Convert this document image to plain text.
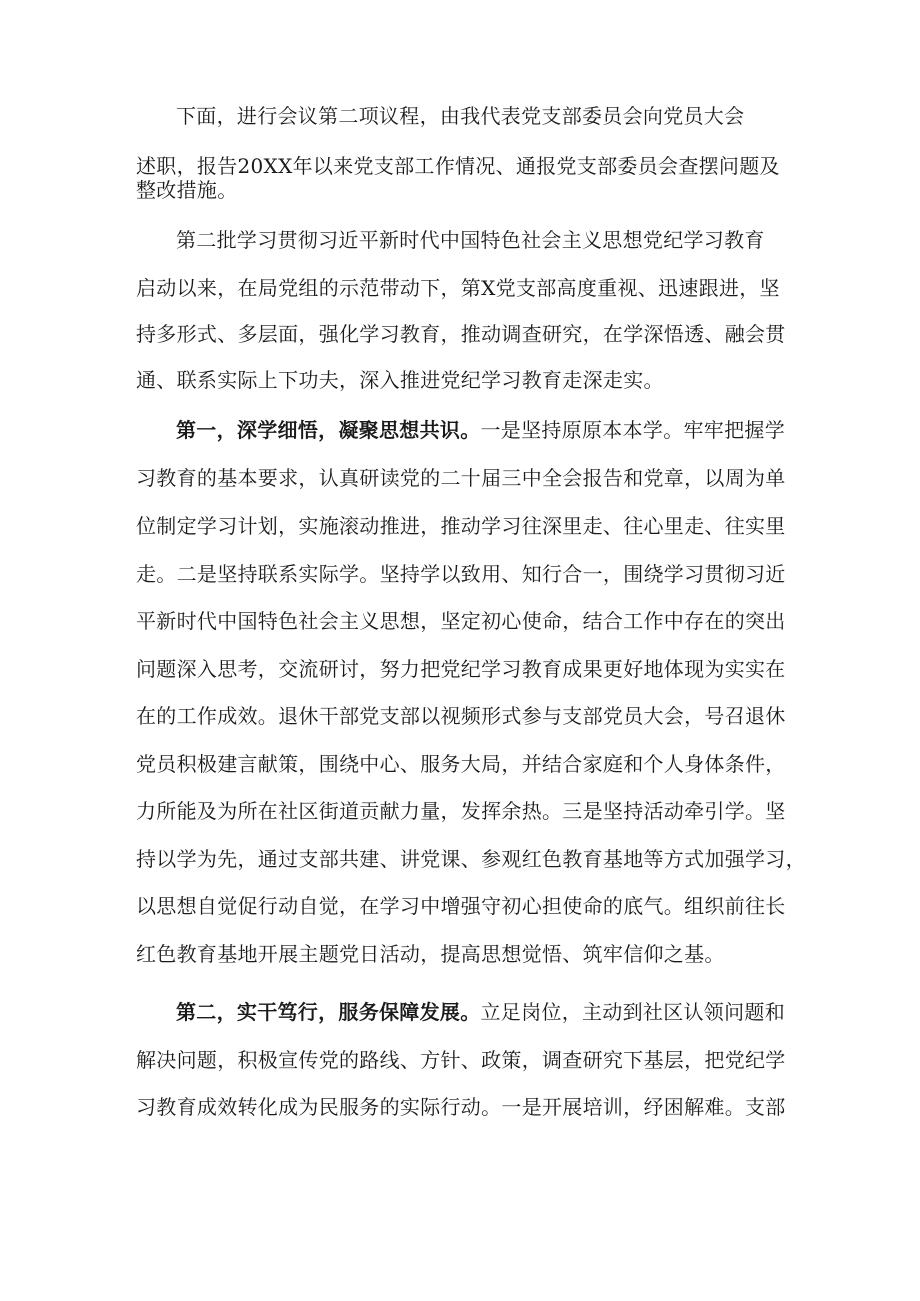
下面，进行会议第二项议程，由我代表党支部委员会向党员大会
述职，报告20XX年以来党支部工作情况、通报党支部委员会查摆问题及
整改措施。
第二批学习贯彻习近平新时代中国特色社会主义思想党纪学习教育
启动以来，在局党组的示范带动下，第X党支部高度重视、迅速跟进，坚
持多形式、多层面，强化学习教育，推动调查研究，在学深悟透、融会贯
通、联系实际上下功夫，深入推进党纪学习教育走深走实。
第一，深学细悟，凝聚思想共识。一是坚持原原本本学。牢牢把握学
习教育的基本要求，认真研读党的二十届三中全会报告和党章，以周为单
位制定学习计划，实施滚动推进，推动学习往深里走、往心里走、往实里
走。二是坚持联系实际学。坚持学以致用、知行合一，围绕学习贯彻习近
平新时代中国特色社会主义思想，坚定初心使命，结合工作中存在的突出
问题深入思考，交流研讨，努力把党纪学习教育成果更好地体现为实实在
在的工作成效。退休干部党支部以视频形式参与支部党员大会，号召退休
党员积极建言献策，围绕中心、服务大局，并结合家庭和个人身体条件，
力所能及为所在社区街道贡献力量，发挥余热。三是坚持活动牵引学。坚
持以学为先，通过支部共建、讲党课、参观红色教育基地等方式加强学习，
以思想自觉促行动自觉，在学习中增强守初心担使命的底气。组织前往长
红色教育基地开展主题党日活动，提高思想觉悟、筑牢信仰之基。
第二，实干笃行，服务保障发展。立足岗位，主动到社区认领问题和
解决问题，积极宣传党的路线、方针、政策，调查研究下基层，把党纪学
习教育成效转化成为民服务的实际行动。一是开展培训，纾困解难。支部
